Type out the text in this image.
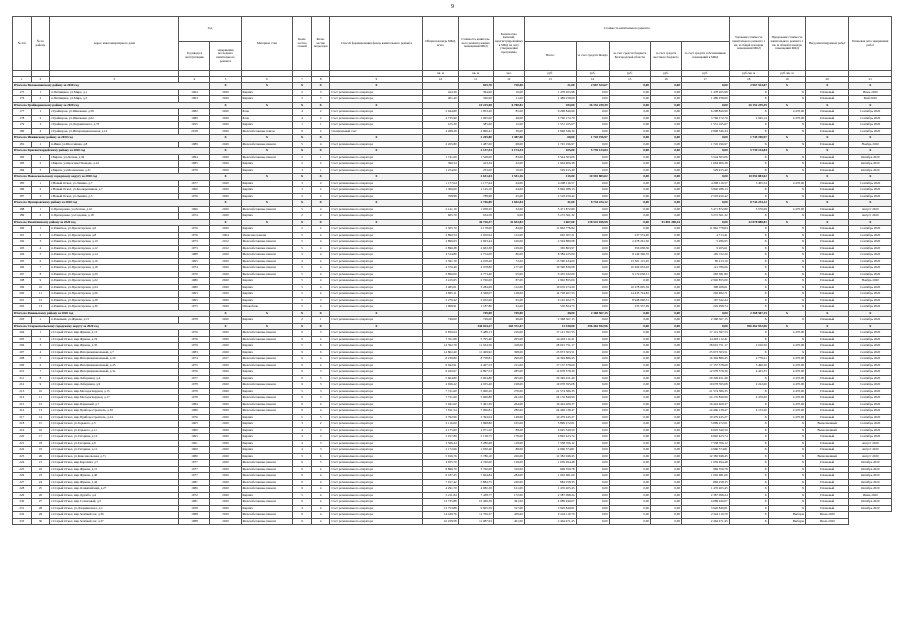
9
№ п/п	№ по району	Адрес многоквартирного дома	Год		Материал стен	Коли-чество этажей	Коли-чество подъездов	Способ формирования фонда капитального ремонта	Общая площадь МКД, всего	Стоимость капиталь-ного ремонта жилых помещений МКД	Количество жителей, зарегистрированных в МКД на дату утверждения программы	Стоимость капитального ремонта					Удельная стоимость капитального ремонта 1 кв. м общей площади помещений МКД	Предельная стоимость капитального ремонта 1 кв. м общей площади помещений МКД	Вид ремонтируемых работ	Плановая дата завершения работ
			Год ввода в эксплуатацию	завершения последнего капитального ремонта								Всего:	за счет средств Фонда	за счет средств бюджета Белгородской области	за счет средств местного бюджета	за счет средств собственников помещений в МКД				
									кв. м	кв. м	чел.	руб.	руб.	руб.	руб.	руб.	руб./кв. м	руб./кв. м		
1	2	3	4	5	6	7	8	9	10	11	12	13	14	15	16	17	18	19	20	21
Итого по Волоконовскому району за 2020 год				X	X	X	X	X		825,70	720,00	21,00	2 967 524,67	0,00	0,00	0,00	2 967 524,67	X	X	X
175	1	п.Пятницкое, ул.Мира, д.1	1964	2020	Кирпич	2	3	Счет регионального оператора	424,30	394,00	10,00	1 478 265,98	0,00	0,00	0,00	1 478 265,98	X	X	Плановый	Июль 2020
176	2	п.Пятницкое, ул.Мира, д.3	1964	2020	Кирпич	2	3	Счет регионального оператора	401,40	326,00	11,00	1 489 258,69	0,00	0,00	0,00	1 489 258,69	X	X	Плановый	Май 2020
Итого по Грайворонскому району за 2020 год				X	X	X	X	X		10 225,08	6 780,81	184,00	26 152 239,39	0,00	0,00	0,00	26 152 239,39	X	X	X
177	1	г.Грайворон, ул.Шкальная, д.58	1982	2020	Блок	4	2	Счет регионального оператора	2 044,80	1 853,20	85,00	6 208 840,99	0,00	0,00	0,00	6 208 840,99	X	4 470,00	Плановый	Сентябрь 2020
178	2	г.Грайворон, ул.Шкальная, д.62	1980	2020	Блок	4	2	Счет регионального оператора	2 735,90	1 695,60	48,00	3 760 172,70	0,00	0,00	0,00	3 760 172,70	2 945,14	4 470,00	Плановый	Сентябрь 2020
179	3	г.Грайворон, ул.Дзержинского, д.70	1955	2020	Кирпич	1	1	Счет регионального оператора	415,30	385,60	12,00	1 551 165,67	0,00	0,00	0,00	1 551 165,67	X	X	Плановый	Сентябрь 2020
180	4	г.Грайворон, ул.Интернациональная, д.14	2018	2020	Железобетонные плиты	9	2	Специальный счет	4 498,28	2 896,41	39,00	2 848 546,34	0,00	0,00	0,00	2 848 546,34	X	X	Плановый	Сентябрь 2020
Итого по Ивнянскому району за 2020 год				X	X	X	X	X		2 205,80	1 487,00	68,00	1 745 196,97	0,00	0,00	0,00	1 745 196,97	X	X	X
181	1	п.Ивня, ул.Шоссейная, д.8	1989	2020	Железобетонные панели	5	4	Счет регионального оператора	2 205,80	1 487,00	68,00	1 745 196,97	0,00	0,00	0,00	1 745 196,97	X	X	Плановый	Ноябрь 2020
Итого по Красногвардейскому району за 2020 год				X	X	X	X	X		2 137,54	2 174,34	105,00	5 739 124,84	0,00	0,00	0,00	5 739 124,84	X	X	X
182	1	г.Бирюч, ул.Лесная, д.39	1994	2020	Железобетонные панели	2	1	Счет регионального оператора	1 741,00	1 528,00	83,00	3 544 303,06	0,00	0,00	0,00	3 544 303,06	X	X	Плановый	Октябрь 2020
183	2	г.Бирюч, ул.Красная Площадь, д.22	1985	2020	Кирпич	2	2	Счет регионального оператора	396,54	413,34	22,00	1 664 906,38	0,00	0,00	0,00	1 664 906,38	X	X	Плановый	Октябрь 2020
184	3	г.Бирюч, ул.Московская, д.31	1970	2020	Кирпич	3	1	Счет регионального оператора	1 254,00	233,00	10,00	529 915,40	0,00	0,00	0,00	529 915,40	X	X	Плановый	Октябрь 2020
Итого по Новооскольскому городскому округу за 2020 год				X	X	X	X	X		2 631,04	1 551,16	113,00	10 592 883,02	0,00	0,00	0,00	10 592 883,02	X	X	X
185	1	г.Новый Оскол, ул.Ленина, д.7	1977	2020	Кирпич	3	2	Счет регионального оператора	1 177,64	1 177,64	44,00	4 208 116,57	0,00	0,00	0,00	4 208 116,57	3 405,54	4 470,00	Плановый	Сентябрь 2020
186	2	г.Новый Оскол, ул.Кооперативная, д.7	1960	2020	Кирпич	3	2	Счет регионального оператора	1 300,00	1 145,10	44,00	3 846 288,13	0,00	0,00	0,00	3 846 288,13	X	X	Плановый	Сентябрь 2020
187	3	г.Новый Оскол, ул.Ленина, д.3	1976	2020	Кирпич	2	2	Счет регионального оператора	768,98	788,98	45,00	2 518 450,42	0,00	0,00	0,00	2 518 450,42	X	X	Плановый	Сентябрь 2020
Итого по Прохоровскому району за 2020 год				X	X	X	X	X		2 746,89	1 692,84	41,00	8 744 234,12	0,00	0,00	0,00	8 744 234,12	X	X	X
188	1	п.Прохоровка, ул.Лесная, д.10	1966	2020	Железобетонные панели	5	4	Счет регионального оператора	2 141,19	1 058,25	32,00	5 471 872,80	0,00	0,00	0,00	5 471 872,80	5 576,69	4 470,00	Плановый	Август 2020
189	2	п.Прохоровка, ул.Садовая, д.18	1974	2020	Кирпич	2	2	Счет регионального оператора	605,70	634,59	9,00	3 272 361,32	0,00	0,00	0,00	3 272 361,32	X	X	Плановый	Август 2020
Итого по Ракитянскому району за 2020 год				X	X	X	X	X		46 726,37	41 653,82	1 667,00	118 541 036,98	0,00	91 801 208,24	0,00	22 078 888,81	X	X	X
190	1	п.Ракитное, ул.Пролетарская, д.6	1976	2020	Кирпич	2	2	Счет регионального оператора	2 305,70	2 178,00	84,00	11 862 778,84	0,00	0,00	0,00	11 862 778,84	X	X	Плановый	Сентябрь 2020
191	2	п.Ракитное, ул.Пролетарская, д.8	1976	2004	Ячеистые панели	5	4	Счет регионального оператора	2 890,54	2 650,94	112,00	665 307,21	0,00	237 574,00	0,00	4 713,41	X	X	Плановый	Сентябрь 2020
192	3	п.Ракитное, ул.Пролетарская, д.10	1973	2012	Железобетонные панели	5	4	Счет регионального оператора	2 896,63	2 693,44	106,00	2 504 880,08	0,00	2 478 261,50	0,00	5 286,95	X	X	Плановый	Сентябрь 2020
193	4	п.Ракитное, ул.Пролетарская, д.12	1973	2012	Железобетонные панели	5	4	Счет регионального оператора	2 896,38	2 663,38	109,00	365 863,97	0,00	356 658,36	0,00	9 205,61	X	X	Плановый	Сентябрь 2020
194	5	п.Ракитное, ул.Пролетарская, д.14	1988	2020	Железобетонные панели	5	4	Счет регионального оператора	3 314,89	2 754,00	86,00	8 384 225,00	0,00	8 149 306,76	0,00	165 722,20	X	X	Плановый	Сентябрь 2020
195	6	п.Ракитное, ул.Пролетарская, д.16	1965	2020	Железобетонные панели	4	4	Счет регионального оператора	2 391,70	4 918,40	72,00	15 590 434,00	0,00	15 501 115,20	0,00	85 213,10	X	X	Плановый	Сентябрь 2020
196	7	п.Ракитное, ул.Пролетарская, д.18	1974	2020	Железобетонные панели	5	4	Счет регионального оператора	4 576,49	4 078,80	177,00	10 390 839,08	0,00	10 269 053,02	0,00	121 786,06	X	X	Плановый	Сентябрь 2020
197	8	п.Ракитное, ул.Пролетарская, д.20	1970	2020	Железобетонные панели	5	4	Счет регионального оператора	2 890,00	2 773,40	95,00	9 455 632,00	0,00	9 172 050,11	0,00	283 581,89	X	X	Плановый	Сентябрь 2020
198	9	п.Ракитное, ул.Пролетарская, д.22	1980	2020	Кирпич	5	4	Счет регионального оператора	3 415,65	2 760,00	87,00	2 902 855,00	0,00	0,00	0,00	2 902 855,00	X	X	Плановый	Ноябрь 2020
199	10	п.Ракитное, ул.Пролетарская, д.24	1980	2020	Кирпич	5	4	Счет регионального оператора	3 485,01	3 284,69	112,00	10 676 274,20	0,00	10 278 005,59	0,00	398 268,61	X	X	Плановый	Сентябрь 2020
200	11	п.Ракитное, ул.Пролетарская, д.26	1993	2020	Кирпич	5	4	Счет регионального оператора	4 805,11	4 568,07	128,00	14 728 207,53	0,00	14 435 724,82	0,00	292 482,71	X	X	Плановый	Сентябрь 2020
201	12	п.Ракитное, ул.Пролетарская, д.28	1965	2020	Кирпич	5	3	Счет регионального оператора	2 270,42	2 052,00	65,00	9 145 402,75	0,00	8 948 060,31	0,00	197 342,44	X	X	Плановый	Сентябрь 2020
202	13	п.Ракитное, ул.Пролетарская, д.30	1975	2020	Шлакоблок	5	4	Счет регионального оператора	1 968,91	1 187,80	22,00	530 824,73	0,00	235 537,99	0,00	245 298,74	X	X	Плановый	Сентябрь 2020
Итого по Ровеньскому району за 2020 год				X	X	X	X	X		749,00	749,00	48,00	2 368 567,15	0,00	0,00	0,00	2 368 567,15	X	X	X
203	1	п.Ровеньки, ул.Жукова, д.15	1978	2020	Кирпич	2	1	Счет регионального оператора	749,00	749,00	48,00	2 368 567,15	0,00	0,00	0,00	2 368 567,15	X	X	Плановый	Сентябрь 2020
Итого по Старооскольскому городскому округу за 2020 год				X	X	X	X	X		346 024,27	265 372,47	13 330,00	396 462 932,96	0,00	0,00	0,00	396 462 932,96	X	X	X
204	1	г.Старый Оскол, мкр.Жукова, д.13	1976	2020	Железобетонные панели	9	3	Счет регионального оператора	6 850,04	5 488,13	216,00	17 121 397,53	0,00	0,00	0,00	17 121 397,53	X	4 470,00	Плановый	Сентябрь 2020
205	2	г.Старый Оскол, мкр.Жукова, д.19	1976	2020	Железобетонные панели	9	4	Счет регионального оператора	7 351,68	5 795,40	205,00	14 403 112,41	0,00	0,00	0,00	14 403 112,41	X	X	Плановый	Сентябрь 2020
206	3	г.Старый Оскол, мкр.Жукова, д.35	1979	2020	Кирпич	5	6	Счет регионального оператора	14 592,70	11 634,56	418,00	28 601 751,17	0,00	0,00	0,00	28 601 751,17	2 016,56	4 470,00	Плановый	Сентябрь 2020
207	4	г.Старый Оскол, мкр.Интернациональный, д.7	1983	2020	Кирпич	9	6	Счет регионального оператора	14 862,40	11 409,92	398,00	25 973 303,51	0,00	0,00	0,00	25 973 303,51	X	X	Плановый	Сентябрь 2020
208	5	г.Старый Оскол, мкр.Интернациональный, д.29	1974	2017	Железобетонные панели	9	4	Счет регионального оператора	8 239,80	8 758,81	290,00	16 394 886,45	0,00	0,00	0,00	16 394 886,45	2 778,21	4 470,00	Плановый	Сентябрь 2020
209	6	г.Старый Оскол, мкр.Интернациональный, д.45	1975	2020	Железобетонные панели	9	4	Счет регионального оператора	9 042,91	4 407,53	211,00	17 157 578,60	0,00	0,00	0,00	17 157 578,60	3 496,56	4 470,00	Плановый	Сентябрь 2020
210	7	г.Старый Оскол, мкр.Интернациональный, д.3а	1976	2020	Кирпич	9	3	Счет регионального оператора	9 450,67	6 897,53	285,00	12 978 578,30	0,00	0,00	0,00	12 978 578,30	4 423,35	4 470,00	Плановый	Сентябрь 2020
211	8	г.Старый Оскол, мкр.Лебединец, д.4	1977	2020	Кирпич	9	5	Счет регионального оператора	5 604,80	5 604,80	295,00	20 349 451,49	0,00	0,00	0,00	20 349 451,49	X	4 470,00	Плановый	Сентябрь 2020
212	9	г.Старый Оскол, мкр.Лебединец, д.9	1978	2020	Железобетонные панели	9	3	Счет регионального оператора	4 926,22	4 655,40	198,00	19 078 595,08	0,00	0,00	0,00	19 078 595,08	2 222,00	4 470,00	Плановый	Сентябрь 2020
213	10	г.Старый Оскол, мкр.Молодогвардеец, д.15	1978	2020	Кирпич	5	3	Счет регионального оператора	7 721,60	5 900,20	270,00	21 574 386,35	0,00	0,00	0,00	21 574 386,35	X	4 470,00	Плановый	Сентябрь 2020
214	11	г.Старый Оскол, мкр.Молодогвардеец, д.17	1978	2020	Железобетонные панели	9	3	Счет регионального оператора	7 721,60	5 600,80	261,00	24 176 849,99	0,00	0,00	0,00	24 176 849,99	4 470,00	4 470,00	Плановый	Сентябрь 2020
215	12	г.Старый Оскол, мкр.Парковый, д.7	1984	2020	Железобетонные панели	9	4	Счет регионального оператора	5 941,02	5 461,30	264,00	16 424 409,37	0,00	0,00	0,00	16 424 409,37	X	4 470,00	Плановый	Сентябрь 2020
216	13	г.Старый Оскол, мкр.Приборостроитель, д.39	1986	2020	Железобетонные панели	9	4	Счет регионального оператора	7 811,54	7 096,81	280,00	24 466 138,47	0,00	0,00	0,00	24 466 138,47	4 153,26	4 470,00	Плановый	Сентябрь 2020
217	14	г.Старый Оскол, мкр.Приборостроитель, д.24	1976	2020	Кирпич	5	5	Счет регионального оператора	3 792,96	3 394,04	148,00	10 479 445,27	0,00	0,00	0,00	10 479 445,27	X	4 470,00	Плановый	Сентябрь 2020
218	15	г.Старый Оскол, ул.Горького, д.3	1965	2020	Кирпич	3	2	Счет регионального оператора	2 116,00	1 868,80	105,00	5 899 272,01	0,00	0,00	0,00	5 899 272,01	X	X	Выполненный	Сентябрь 2020
219	16	г.Старый Оскол, ул.Горького, д.11	1960	2020	Кирпич	4	3	Счет регионального оператора	2 175,00	1 971,20	88,00	6 045 340,50	0,00	0,00	0,00	6 045 340,50	X	X	Выполненный	Сентябрь 2020
220	17	г.Старый Оскол, ул.Гагарина, д.12	1965	2020	Кирпич	4	3	Счет регионального оператора	5 017,89	5 158,75	178,00	6 892 423,74	0,00	0,00	0,00	6 892 423,74	X	X	Плановый	Сентябрь 2020
221	18	г.Старый Оскол, ул.Гагарина, д.9	1961	2020	Кирпич	4	3	Счет регионального оператора	3 566,24	3 280,68	118,00	7 558 706,12	0,00	0,00	0,00	7 558 706,12	X	X	Плановый	Август 2020
222	19	г.Старый Оскол, ул.Гагарина, д.11	1960	2020	Кирпич	4	3	Счет регионального оператора	2 172,66	1 930,40	88,00	4 966 574,81	0,00	0,00	0,00	4 966 574,81	X	X	Плановый	Август 2020
223	20	г.Старый Оскол, ул.Комсомольская, д.71	1980	2020	Кирпич	5	6	Счет регионального оператора	5 916,76	5 786,10	226,00	12 382 948,45	0,00	0,00	0,00	12 382 948,45	X	X	Выполненный	Август 2020
224	21	г.Старый Оскол, мкр.Королёва, д.7	1977	2020	Железобетонные панели	9	5	Счет регионального оператора	3 955,70	2 760,00	128,00	1 659 494,48	0,00	0,00	0,00	1 659 494,48	X	X	Плановый	Октябрь 2020
225	22	г.Старый Оскол, мкр.Жукова, д.15	1977	2020	Железобетонные панели	9	4	Счет регионального оператора	8 899,70	5 760,00	319,00	969 359,78	0,00	0,00	0,00	969 359,78	X	X	Плановый	Октябрь 2020
226	23	г.Старый Оскол, мкр.Жукова, д.40	1977	2020	Железобетонные панели	9	4	Счет регионального оператора	9 187,25	7 664,84	284,00	1 002 681,00	0,00	0,00	0,00	1 002 681,00	X	X	Плановый	Октябрь 2020
227	24	г.Старый Оскол, мкр.Жукова, д.44	1981	2020	Железобетонные панели	9	4	Счет регионального оператора	7 917,42	5 884,75	240,00	884 258,35	0,00	0,00	0,00	884 258,35	X	X	Плановый	Октябрь 2020
228	25	г.Старый Оскол, мкр.Олимпийский, д.27	1986	2020	Железобетонные панели	9	4	Счет регионального оператора	4 291,70	4 082,30	161,00	1 476 405,45	0,00	0,00	0,00	1 476 405,45	X	X	Плановый	Октябрь 2020
229	26	г.Старый Оскол, мкр.Дружба, д.4	1972	2020	Кирпич	5	4	Счет регионального оператора	5 211,84	7 438,77	172,00	2 387 098,24	0,00	0,00	0,00	2 387 098,24	X	X	Плановый	Июнь 2020
230	27	г.Старый Оскол, мкр.Солнечный, д.5	1981	2020	Железобетонные панели	9	4	Счет регионального оператора	13 735,88	10 469,39	391,00	4 089 940,07	0,00	0,00	0,00	4 089 940,07	X	X	Плановый	Октябрь 2020
231	28	г.Старый Оскол, ул.Дзержинского, д.1	1958	2020	Кирпич	4	4	Счет регионального оператора	13 753,88	9 905,59	317,00	3 926 849,81	0,00	0,00	0,00	3 926 849,81	X	X	Плановый	Октябрь 2020
232	29	г.Старый Оскол, мкр.Зелёный лог, д.36	1988	2020	Железобетонные панели	9	4	Счет регионального оператора	14 439,76	11 706,37	439,00	2 244 110,79	0,00	0,00	0,00	2 244 110,79	X	Выборы	Июль 2020	
233	30	г.Старый Оскол, мкр.Зелёный лог, д.37	1988	2020	Железобетонные панели	9	4	Счет регионального оператора	16 258,58	11 087,04	401,00	2 464 471,45	0,00	0,00	0,00	2 464 471,45	X	Выборы	Июль 2020	
